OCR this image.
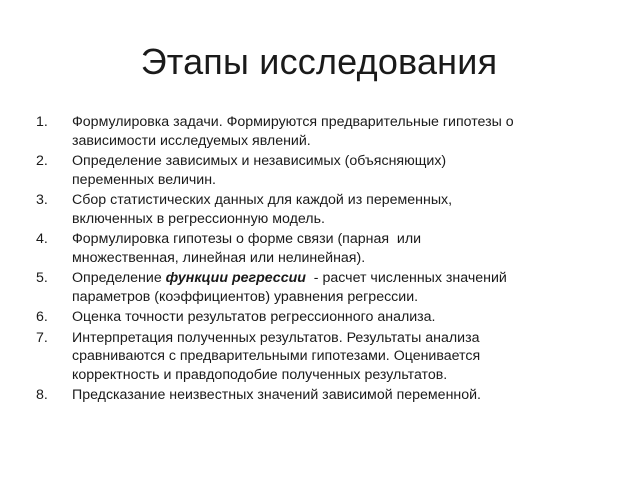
Этапы исследования
1.	Формулировка задачи. Формируются предварительные гипотезы о
зависимости исследуемых явлений.
2.	Определение зависимых и независимых (объясняющих)
переменных величин.
3.	Сбор статистических данных для каждой из переменных,
включенных в регрессионную модель.
4.	Формулировка гипотезы о форме связи (парная  или
множественная, линейная или нелинейная).
5.	Определение функции регрессии  - расчет численных значений
параметров (коэффициентов) уравнения регрессии.
6.	Оценка точности результатов регрессионного анализа.
7.	Интерпретация полученных результатов. Результаты анализа
сравниваются с предварительными гипотезами. Оценивается
корректность и правдоподобие полученных результатов.
8.	Предсказание неизвестных значений зависимой переменной.
